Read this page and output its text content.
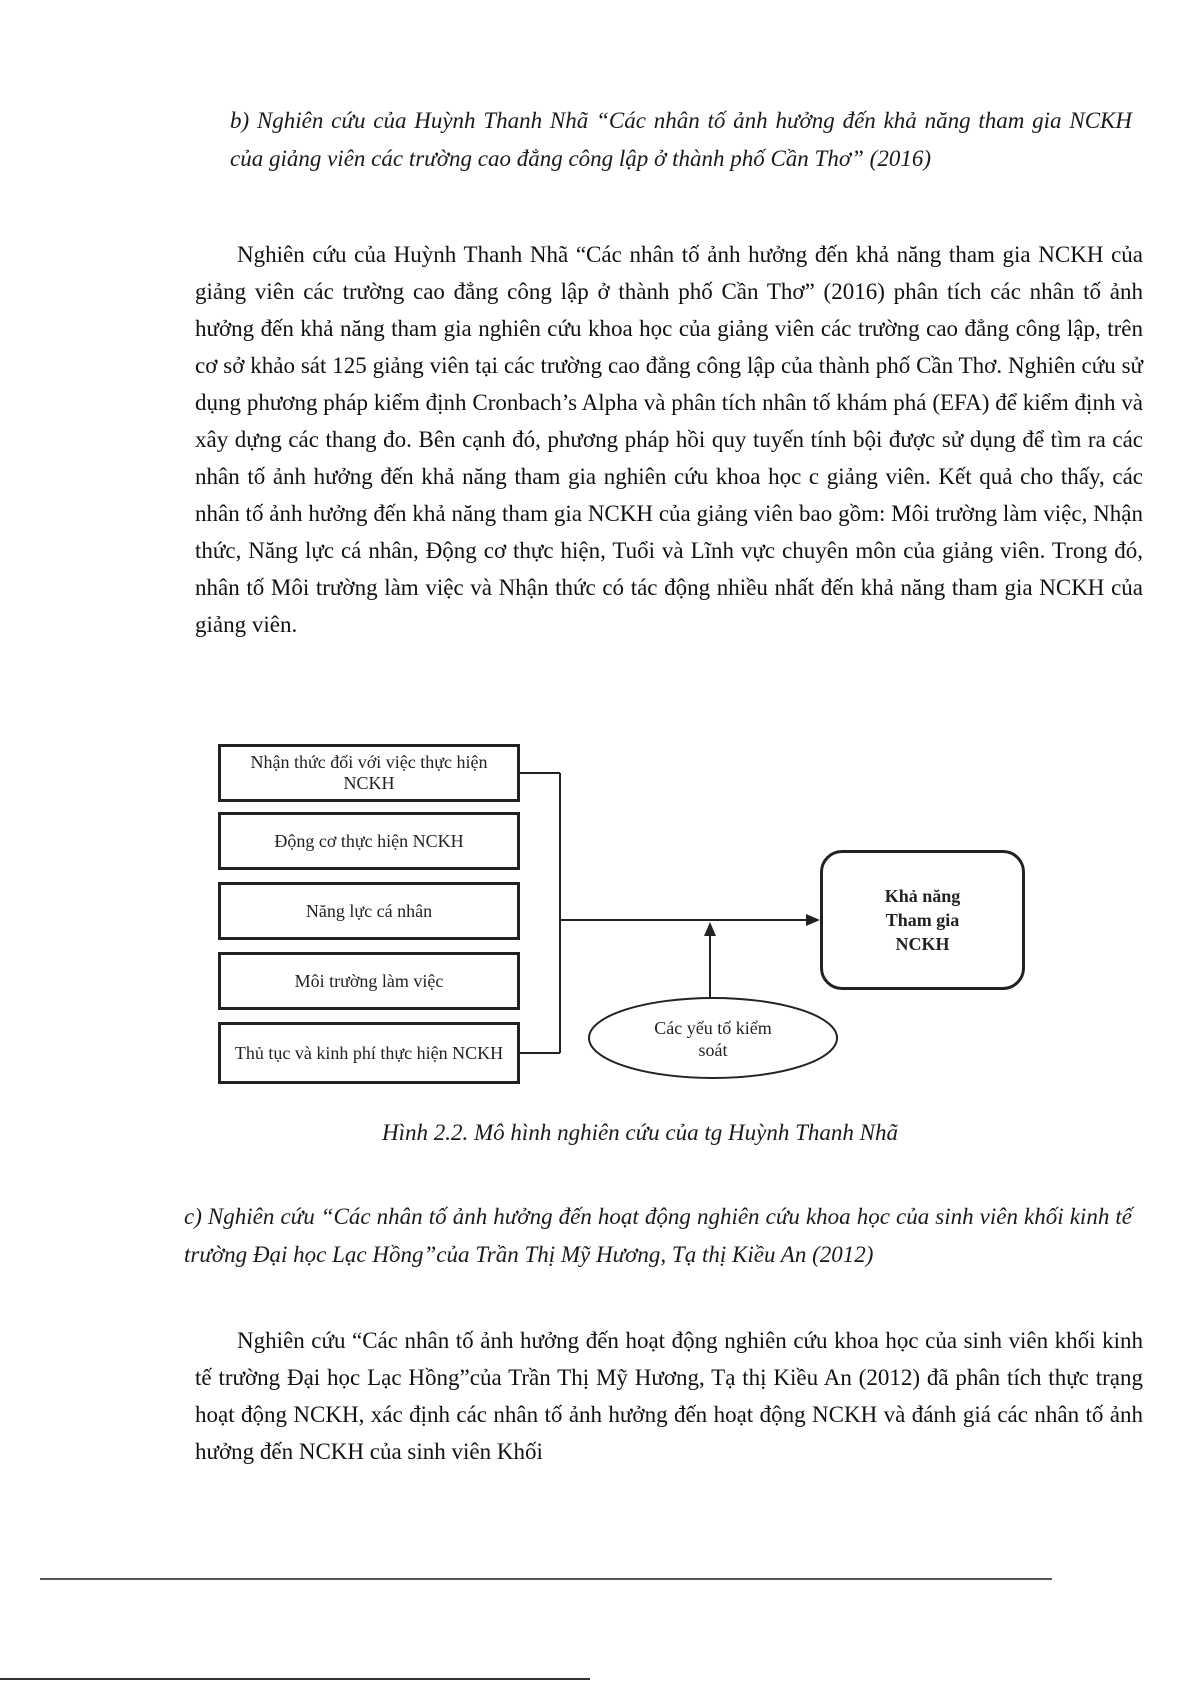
b) Nghiên cứu của Huỳnh Thanh Nhã “Các nhân tố ảnh hưởng đến khả năng tham gia NCKH của giảng viên các trường cao đẳng công lập ở thành phố Cần Thơ” (2016)
Nghiên cứu của Huỳnh Thanh Nhã “Các nhân tố ảnh hưởng đến khả năng tham gia NCKH của giảng viên các trường cao đẳng công lập ở thành phố Cần Thơ” (2016) phân tích các nhân tố ảnh hưởng đến khả năng tham gia nghiên cứu khoa học của giảng viên các trường cao đẳng công lập, trên cơ sở khảo sát 125 giảng viên tại các trường cao đẳng công lập của thành phố Cần Thơ. Nghiên cứu sử dụng phương pháp kiểm định Cronbach’s Alpha và phân tích nhân tố khám phá (EFA) để kiểm định và xây dựng các thang đo. Bên cạnh đó, phương pháp hồi quy tuyến tính bội được sử dụng để tìm ra các nhân tố ảnh hưởng đến khả năng tham gia nghiên cứu khoa học c giảng viên. Kết quả cho thấy, các nhân tố ảnh hưởng đến khả năng tham gia NCKH của giảng viên bao gồm: Môi trường làm việc, Nhận thức, Năng lực cá nhân, Động cơ thực hiện, Tuổi và Lĩnh vực chuyên môn của giảng viên. Trong đó, nhân tố Môi trường làm việc và Nhận thức có tác động nhiều nhất đến khả năng tham gia NCKH của giảng viên.
Nhận thức đối với việc thực hiện NCKH
Động cơ thực hiện NCKH
Năng lực cá nhân
Môi trường làm việc
Thủ tục và kinh phí thực hiện NCKH
Khả năng Tham gia NCKH
Các yếu tố kiểm soát
Hình 2.2. Mô hình nghiên cứu của tg Huỳnh Thanh Nhã
c) Nghiên cứu “Các nhân tố ảnh hưởng đến hoạt động nghiên cứu khoa học của sinh viên khối kinh tế trường Đại học Lạc Hồng”của Trần Thị Mỹ Hương, Tạ thị Kiều An (2012)
Nghiên cứu “Các nhân tố ảnh hưởng đến hoạt động nghiên cứu khoa học của sinh viên khối kinh tế trường Đại học Lạc Hồng”của Trần Thị Mỹ Hương, Tạ thị Kiều An (2012) đã phân tích thực trạng hoạt động NCKH, xác định các nhân tố ảnh hưởng đến hoạt động NCKH và đánh giá các nhân tố ảnh hưởng đến NCKH của sinh viên Khối
